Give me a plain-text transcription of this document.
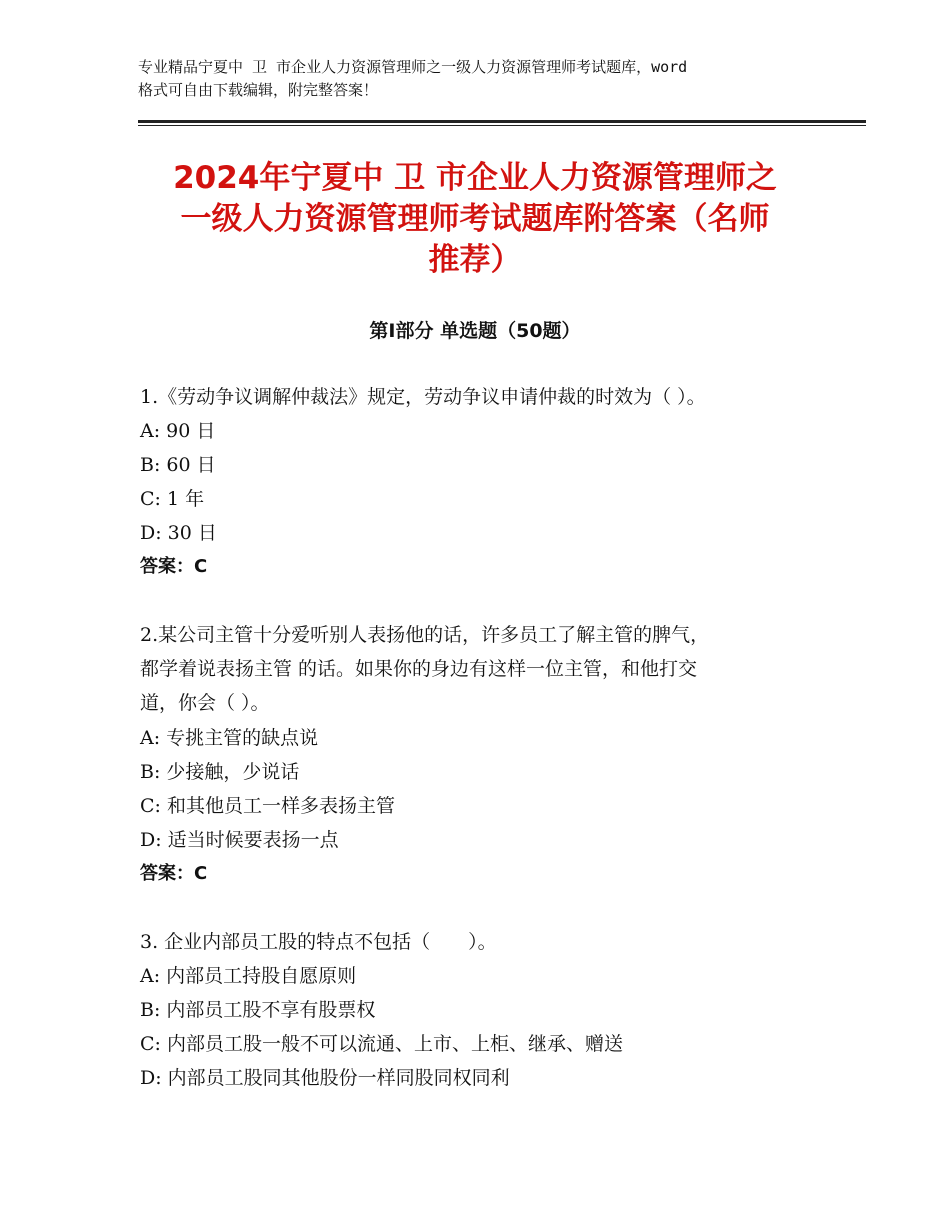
专业精品宁夏中 卫 市企业人力资源管理师之一级人力资源管理师考试题库，word
格式可自由下载编辑，附完整答案！
2024年宁夏中 卫 市企业人力资源管理师之
一级人力资源管理师考试题库附答案（名师
推荐）
第Ⅰ部分 单选题（50题）
1.《劳动争议调解仲裁法》规定，劳动争议申请仲裁的时效为（ ）。
A: 90 日
B: 60 日
C: 1 年
D: 30 日
答案：C
2.某公司主管十分爱听别人表扬他的话，许多员工了解主管的脾气，
都学着说表扬主管 的话。如果你的身边有这样一位主管，和他打交
道，你会（ ）。
A: 专挑主管的缺点说
B: 少接触，少说话
C: 和其他员工一样多表扬主管
D: 适当时候要表扬一点
答案：C
3. 企业内部员工股的特点不包括（　　）。
A: 内部员工持股自愿原则
B: 内部员工股不享有股票权
C: 内部员工股一般不可以流通、上市、上柜、继承、赠送
D: 内部员工股同其他股份一样同股同权同利
